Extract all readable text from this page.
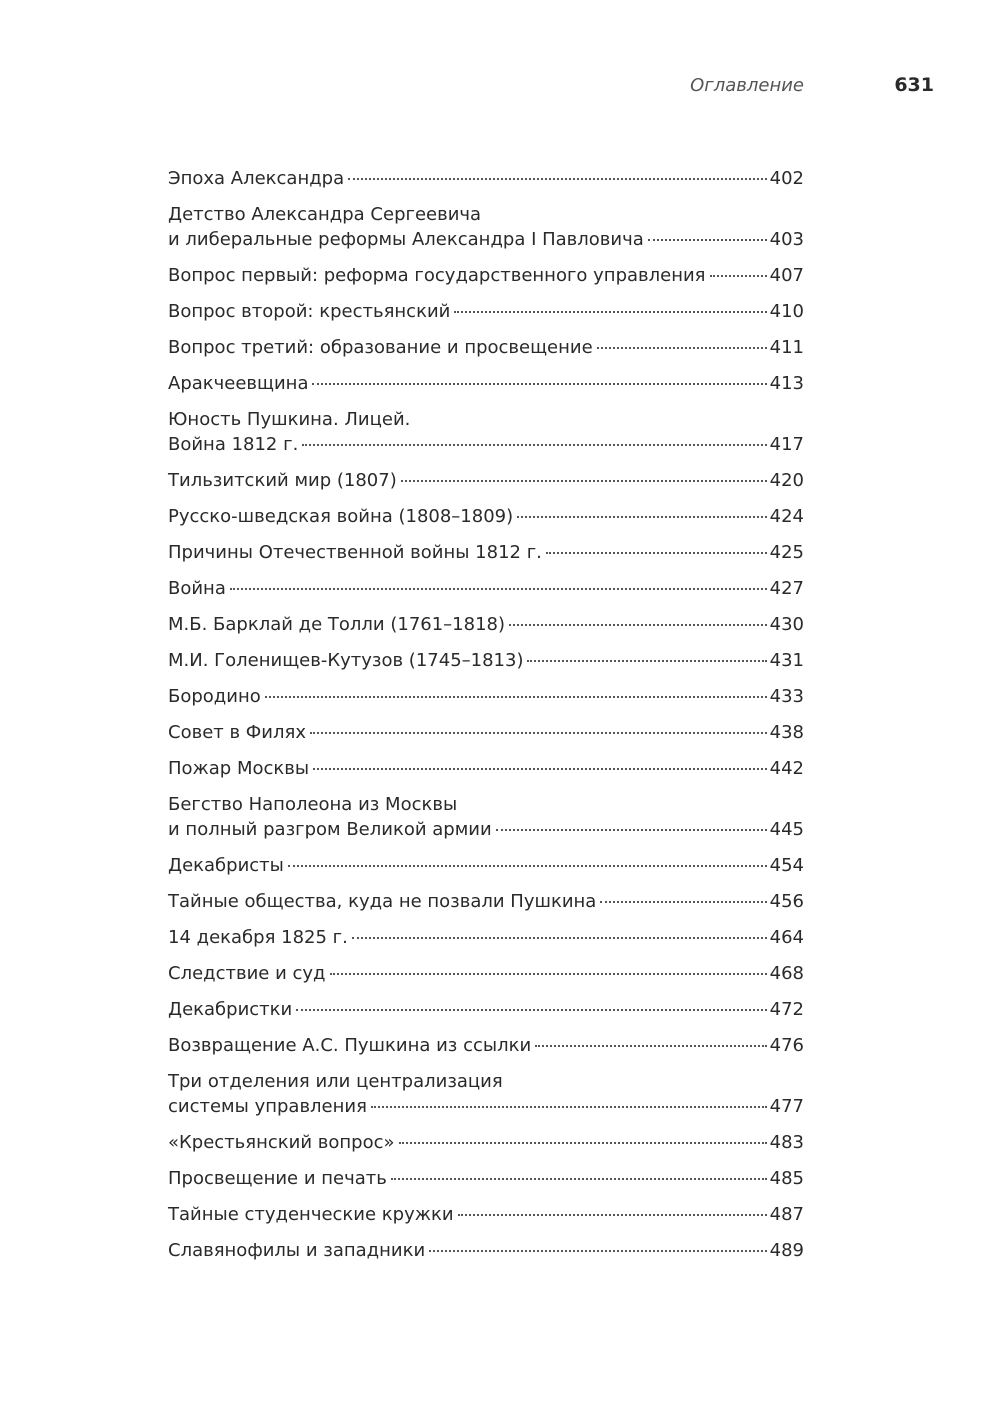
Оглавление	631
Эпоха Александра	402
Детство Александра Сергеевича
и либеральные реформы Александра I Павловича	403
Вопрос первый: реформа государственного управления	407
Вопрос второй: крестьянский	410
Вопрос третий: образование и просвещение	411
Аракчеевщина	413
Юность Пушкина. Лицей.
Война 1812 г.	417
Тильзитский мир (1807)	420
Русско-шведская война (1808–1809)	424
Причины Отечественной войны 1812 г.	425
Война	427
М.Б. Барклай де Толли (1761–1818)	430
М.И. Голенищев-Кутузов (1745–1813)	431
Бородино	433
Совет в Филях	438
Пожар Москвы	442
Бегство Наполеона из Москвы
и полный разгром Великой армии	445
Декабристы	454
Тайные общества, куда не позвали Пушкина	456
14 декабря 1825 г.	464
Следствие и суд	468
Декабристки	472
Возвращение А.С. Пушкина из ссылки	476
Три отделения или централизация
системы управления	477
«Крестьянский вопрос»	483
Просвещение и печать	485
Тайные студенческие кружки	487
Славянофилы и западники	489
